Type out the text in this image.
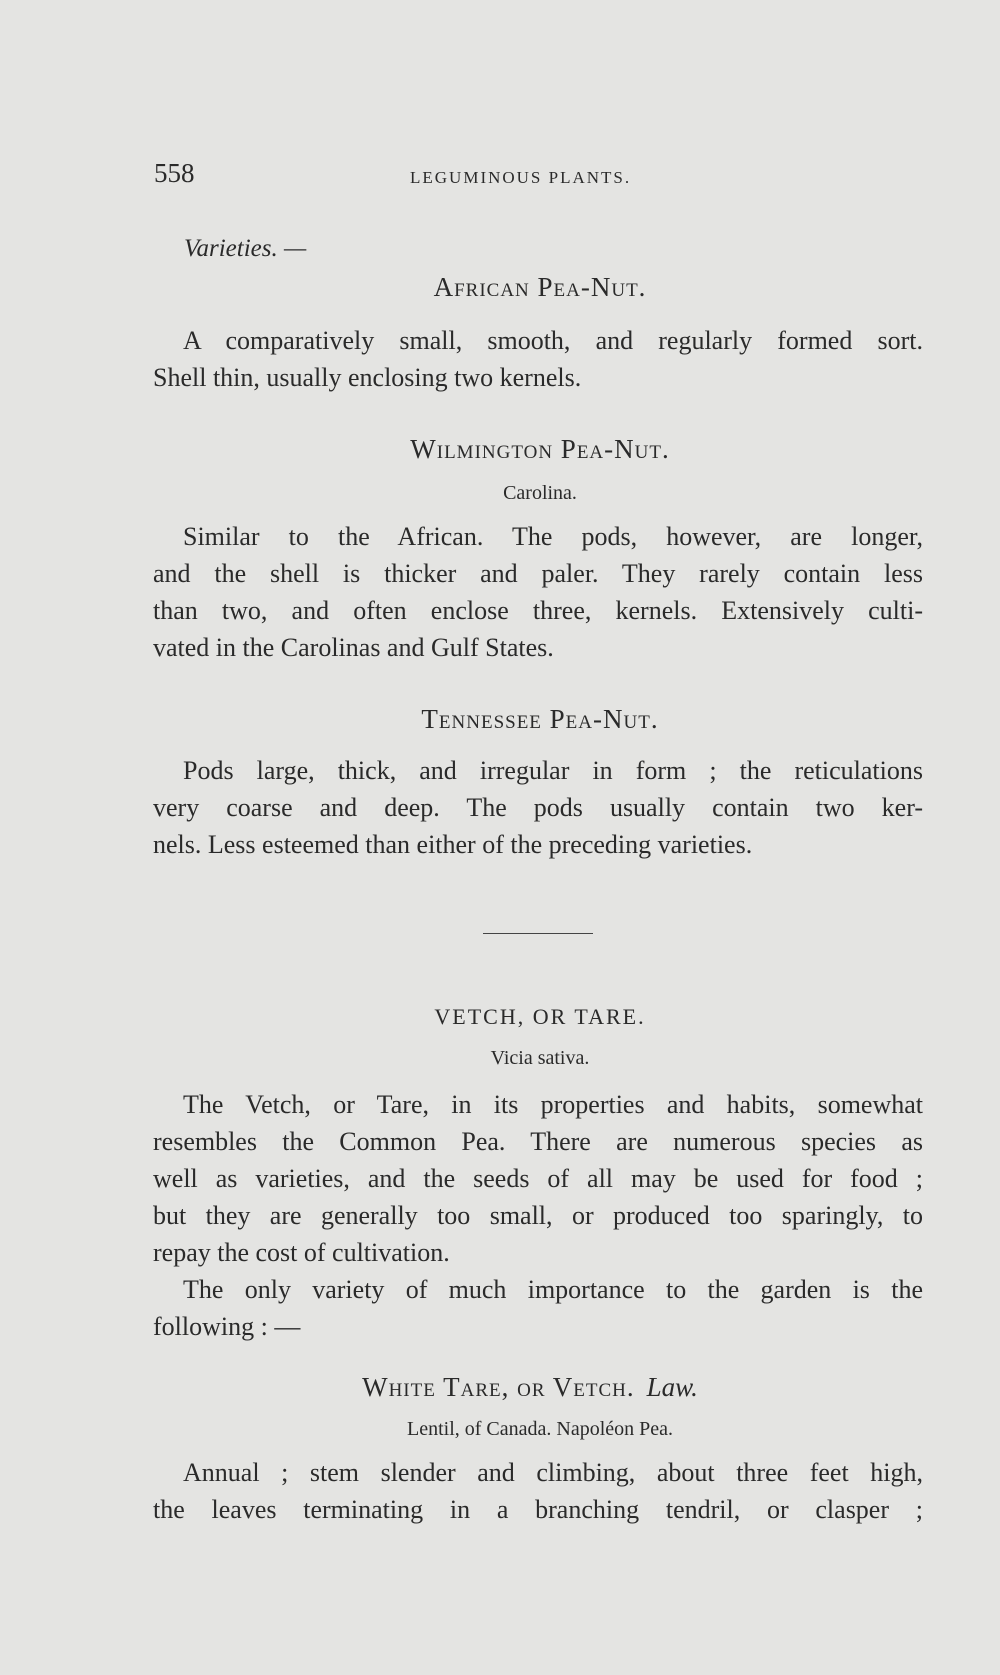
558	LEGUMINOUS PLANTS.
Varieties. —
African Pea-Nut.
A comparatively small, smooth, and regularly formed sort.
Shell thin, usually enclosing two kernels.
Wilmington Pea-Nut.
Carolina.
Similar to the African. The pods, however, are longer,
and the shell is thicker and paler. They rarely contain less
than two, and often enclose three, kernels. Extensively culti-
vated in the Carolinas and Gulf States.
Tennessee Pea-Nut.
Pods large, thick, and irregular in form ; the reticulations
very coarse and deep. The pods usually contain two ker-
nels. Less esteemed than either of the preceding varieties.
VETCH, OR TARE.
Vicia sativa.
The Vetch, or Tare, in its properties and habits, somewhat
resembles the Common Pea. There are numerous species as
well as varieties, and the seeds of all may be used for food ;
but they are generally too small, or produced too sparingly, to
repay the cost of cultivation.
The only variety of much importance to the garden is the
following : —
White Tare, or Vetch. Law.
Lentil, of Canada. Napoléon Pea.
Annual ; stem slender and climbing, about three feet high,
the leaves terminating in a branching tendril, or clasper ;
